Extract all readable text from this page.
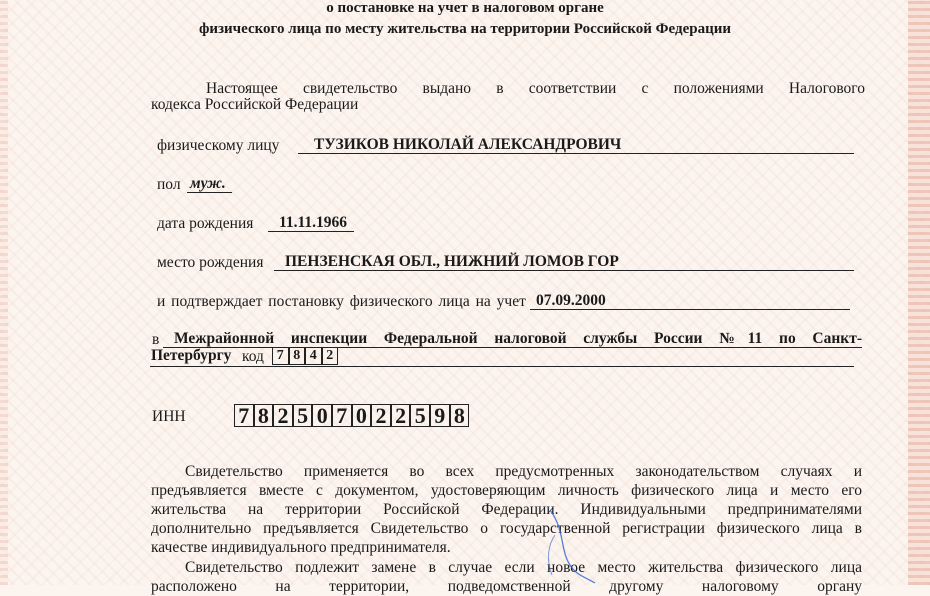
о постановке на учет в налоговом органе
физического лица по месту жительства на территории Российской Федерации
Настоящее свидетельство выдано в соответствии с положениями Налогового
кодекса Российской Федерации
физическому лицу ТУЗИКОВ НИКОЛАЙ АЛЕКСАНДРОВИЧ
пол муж.
дата рождения 11.11.1966
место рождения ПЕНЗЕНСКАЯ ОБЛ., НИЖНИЙ ЛОМОВ ГОР
и подтверждает постановку физического лица на учет 07.09.2000
в Межрайонной инспекции Федеральной налоговой службы России №11 по Санкт-
Петербургу код 7 8 4 2
ИНН 7 8 2 5 0 7 0 2 2 5 9 8
Свидетельство применяется во всех предусмотренных законодательством случаях и
предъявляется вместе с документом, удостоверяющим личность физического лица и место его
жительства на территории Российской Федерации. Индивидуальными предпринимателями
дополнительно предъявляется Свидетельство о государственной регистрации физического лица в
качестве индивидуального предпринимателя.
Свидетельство подлежит замене в случае если новое место жительства физического лица
расположено на территории, подведомственной другому налоговому органу
